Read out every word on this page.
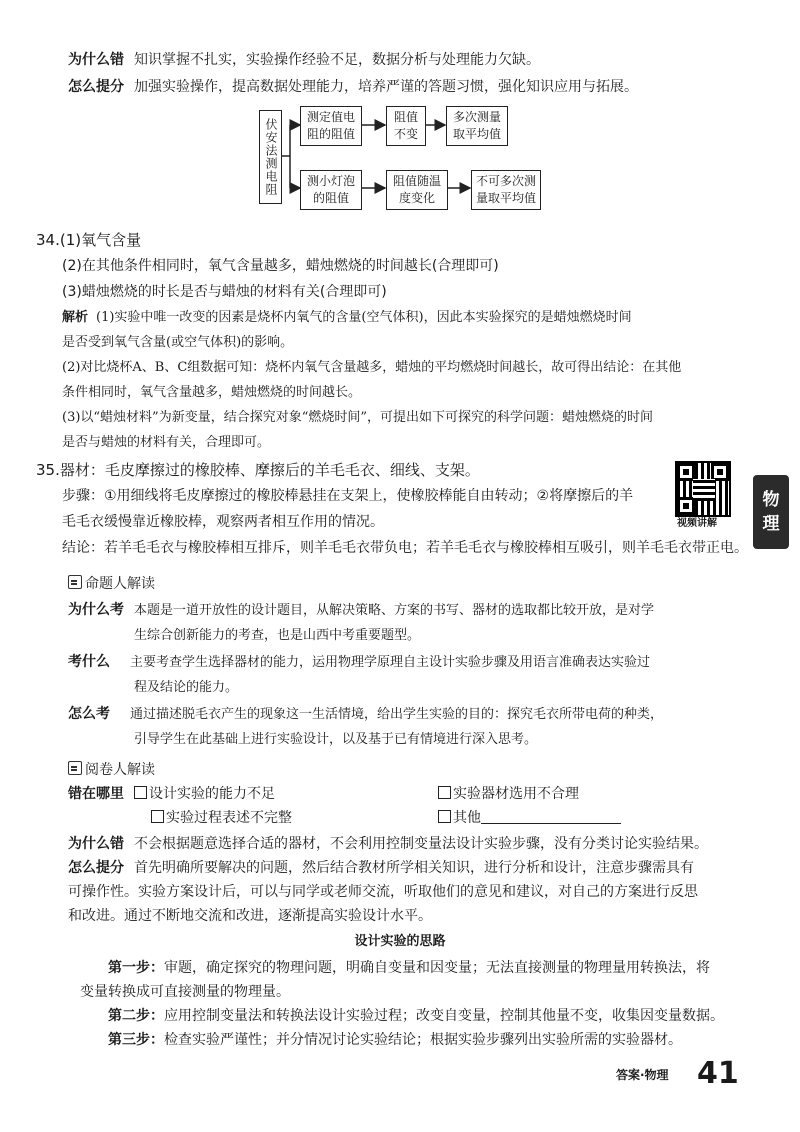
为什么错 知识掌握不扎实，实验操作经验不足，数据分析与处理能力欠缺。
怎么提分 加强实验操作，提高数据处理能力，培养严谨的答题习惯，强化知识应用与拓展。
伏安法测电阻
测定值电阻的阻值
阻值不变
多次测量取平均值
测小灯泡的阻值
阻值随温度变化
不可多次测量取平均值
34.(1)氧气含量
(2)在其他条件相同时，氧气含量越多，蜡烛燃烧的时间越长(合理即可)
(3)蜡烛燃烧的时长是否与蜡烛的材料有关(合理即可)
解析 (1)实验中唯一改变的因素是烧杯内氧气的含量(空气体积)，因此本实验探究的是蜡烛燃烧时间
是否受到氧气含量(或空气体积)的影响。
(2)对比烧杯A、B、C组数据可知：烧杯内氧气含量越多，蜡烛的平均燃烧时间越长，故可得出结论：在其他
条件相同时，氧气含量越多，蜡烛燃烧的时间越长。
(3)以“蜡烛材料”为新变量，结合探究对象“燃烧时间”，可提出如下可探究的科学问题：蜡烛燃烧的时间
是否与蜡烛的材料有关，合理即可。
35.器材：毛皮摩擦过的橡胶棒、摩擦后的羊毛毛衣、细线、支架。
步骤：①用细线将毛皮摩擦过的橡胶棒悬挂在支架上，使橡胶棒能自由转动；②将摩擦后的羊
毛毛衣缓慢靠近橡胶棒，观察两者相互作用的情况。
结论：若羊毛毛衣与橡胶棒相互排斥，则羊毛毛衣带负电；若羊毛毛衣与橡胶棒相互吸引，则羊毛毛衣带正电。
视频讲解
物
理
命题人解读
为什么考 本题是一道开放性的设计题目，从解决策略、方案的书写、器材的选取都比较开放，是对学
生综合创新能力的考查，也是山西中考重要题型。
考什么 主要考查学生选择器材的能力，运用物理学原理自主设计实验步骤及用语言准确表达实验过
程及结论的能力。
怎么考 通过描述脱毛衣产生的现象这一生活情境，给出学生实验的目的：探究毛衣所带电荷的种类，
引导学生在此基础上进行实验设计，以及基于已有情境进行深入思考。
阅卷人解读
错在哪里 设计实验的能力不足	实验器材选用不合理
实验过程表述不完整	其他
为什么错 不会根据题意选择合适的器材，不会利用控制变量法设计实验步骤，没有分类讨论实验结果。
怎么提分 首先明确所要解决的问题，然后结合教材所学相关知识，进行分析和设计，注意步骤需具有
可操作性。实验方案设计后，可以与同学或老师交流，听取他们的意见和建议，对自己的方案进行反思
和改进。通过不断地交流和改进，逐渐提高实验设计水平。
设计实验的思路
第一步：审题，确定探究的物理问题，明确自变量和因变量；无法直接测量的物理量用转换法，将
变量转换成可直接测量的物理量。
第二步：应用控制变量法和转换法设计实验过程；改变自变量，控制其他量不变，收集因变量数据。
第三步：检查实验严谨性；并分情况讨论实验结论；根据实验步骤列出实验所需的实验器材。
答案·物理 41
